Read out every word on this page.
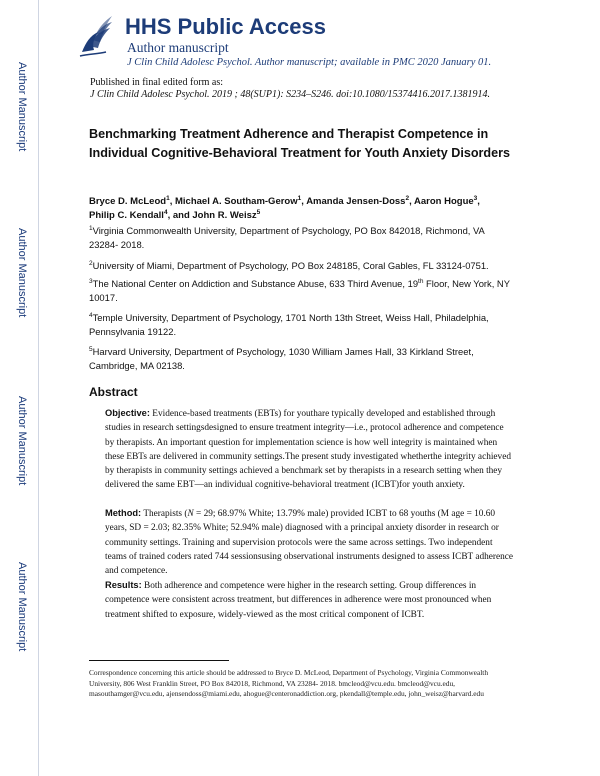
Author Manuscript
Author Manuscript
Author Manuscript
Author Manuscript
HHS Public Access
Author manuscript
J Clin Child Adolesc Psychol. Author manuscript; available in PMC 2020 January 01.
Published in final edited form as:
J Clin Child Adolesc Psychol. 2019 ; 48(SUP1): S234–S246. doi:10.1080/15374416.2017.1381914.
Benchmarking Treatment Adherence and Therapist Competence in Individual Cognitive-Behavioral Treatment for Youth Anxiety Disorders
Bryce D. McLeod$^1$, Michael A. Southam-Gerow$^1$, Amanda Jensen-Doss$^2$, Aaron Hogue$^3$,
Philip C. Kendall$^4$, and John R. Weisz$^5$
$^1$Virginia Commonwealth University, Department of Psychology, PO Box 842018, Richmond, VA 23284- 2018.
$^2$University of Miami, Department of Psychology, PO Box 248185, Coral Gables, FL 33124-0751.
$^3$The National Center on Addiction and Substance Abuse, 633 Third Avenue, 19th Floor, New York, NY 10017.
$^4$Temple University, Department of Psychology, 1701 North 13th Street, Weiss Hall, Philadelphia, Pennsylvania 19122.
$^5$Harvard University, Department of Psychology, 1030 William James Hall, 33 Kirkland Street, Cambridge, MA 02138.
Abstract
Objective: Evidence-based treatments (EBTs) for youthare typically developed and established through studies in research settingsdesigned to ensure treatment integrity—i.e., protocol adherence and competence by therapists. An important question for implementation science is how well integrity is maintained when these EBTs are delivered in community settings.The present study investigated whetherthe integrity achieved by therapists in community settings achieved a benchmark set by therapists in a research setting when they delivered the same EBT—an individual cognitive-behavioral treatment (ICBT)for youth anxiety.
Method: Therapists (N = 29; 68.97% White; 13.79% male) provided ICBT to 68 youths (M age = 10.60 years, SD = 2.03; 82.35% White; 52.94% male) diagnosed with a principal anxiety disorder in research or community settings. Training and supervision protocols were the same across settings. Two independent teams of trained coders rated 744 sessionsusing observational instruments designed to assess ICBT adherence and competence.
Results: Both adherence and competence were higher in the research setting. Group differences in competence were consistent across treatment, but differences in adherence were most pronounced when treatment shifted to exposure, widely-viewed as the most critical component of ICBT.
Correspondence concerning this article should be addressed to Bryce D. McLeod, Department of Psychology, Virginia Commonwealth University, 806 West Franklin Street, PO Box 842018, Richmond, VA 23284- 2018. bmcleod@vcu.edu. bmcleod@vcu.edu, masouthamger@vcu.edu, ajensendoss@miami.edu, ahogue@centeronaddiction.org, pkendall@temple.edu, john_weisz@harvard.edu
